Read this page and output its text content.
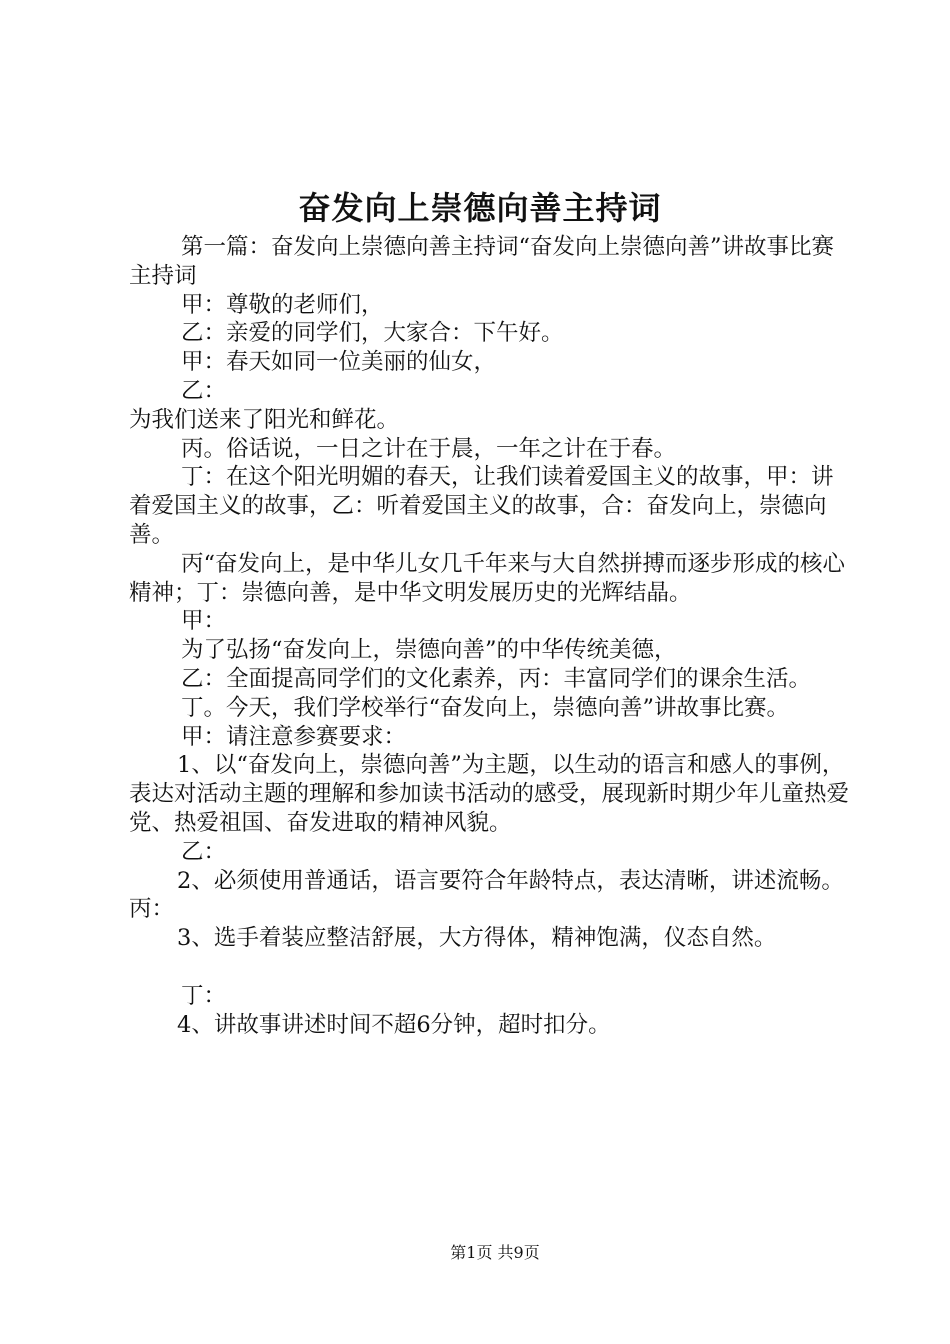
奋发向上崇德向善主持词

第一篇：奋发向上崇德向善主持词“奋发向上崇德向善”讲故事比赛主持词

甲：尊敬的老师们，

乙：亲爱的同学们，大家合：下午好。

甲：春天如同一位美丽的仙女，

乙：

为我们送来了阳光和鲜花。

丙。俗话说，一日之计在于晨，一年之计在于春。

丁：在这个阳光明媚的春天，让我们读着爱国主义的故事，甲：讲着爱国主义的故事，乙：听着爱国主义的故事，合：奋发向上，崇德向善。

丙“奋发向上，是中华儿女几千年来与大自然拼搏而逐步形成的核心精神；丁：崇德向善，是中华文明发展历史的光辉结晶。

甲：

为了弘扬“奋发向上，崇德向善”的中华传统美德，

乙：全面提高同学们的文化素养，丙：丰富同学们的课余生活。

丁。今天，我们学校举行“奋发向上，崇德向善”讲故事比赛。

甲：请注意参赛要求：

1、以“奋发向上，崇德向善”为主题，以生动的语言和感人的事例，表达对活动主题的理解和参加读书活动的感受，展现新时期少年儿童热爱党、热爱祖国、奋发进取的精神风貌。

乙：

2、必须使用普通话，语言要符合年龄特点，表达清晰，讲述流畅。丙：

3、选手着装应整洁舒展，大方得体，精神饱满，仪态自然。

丁：

4、讲故事讲述时间不超6分钟，超时扣分。

第1页 共9页
